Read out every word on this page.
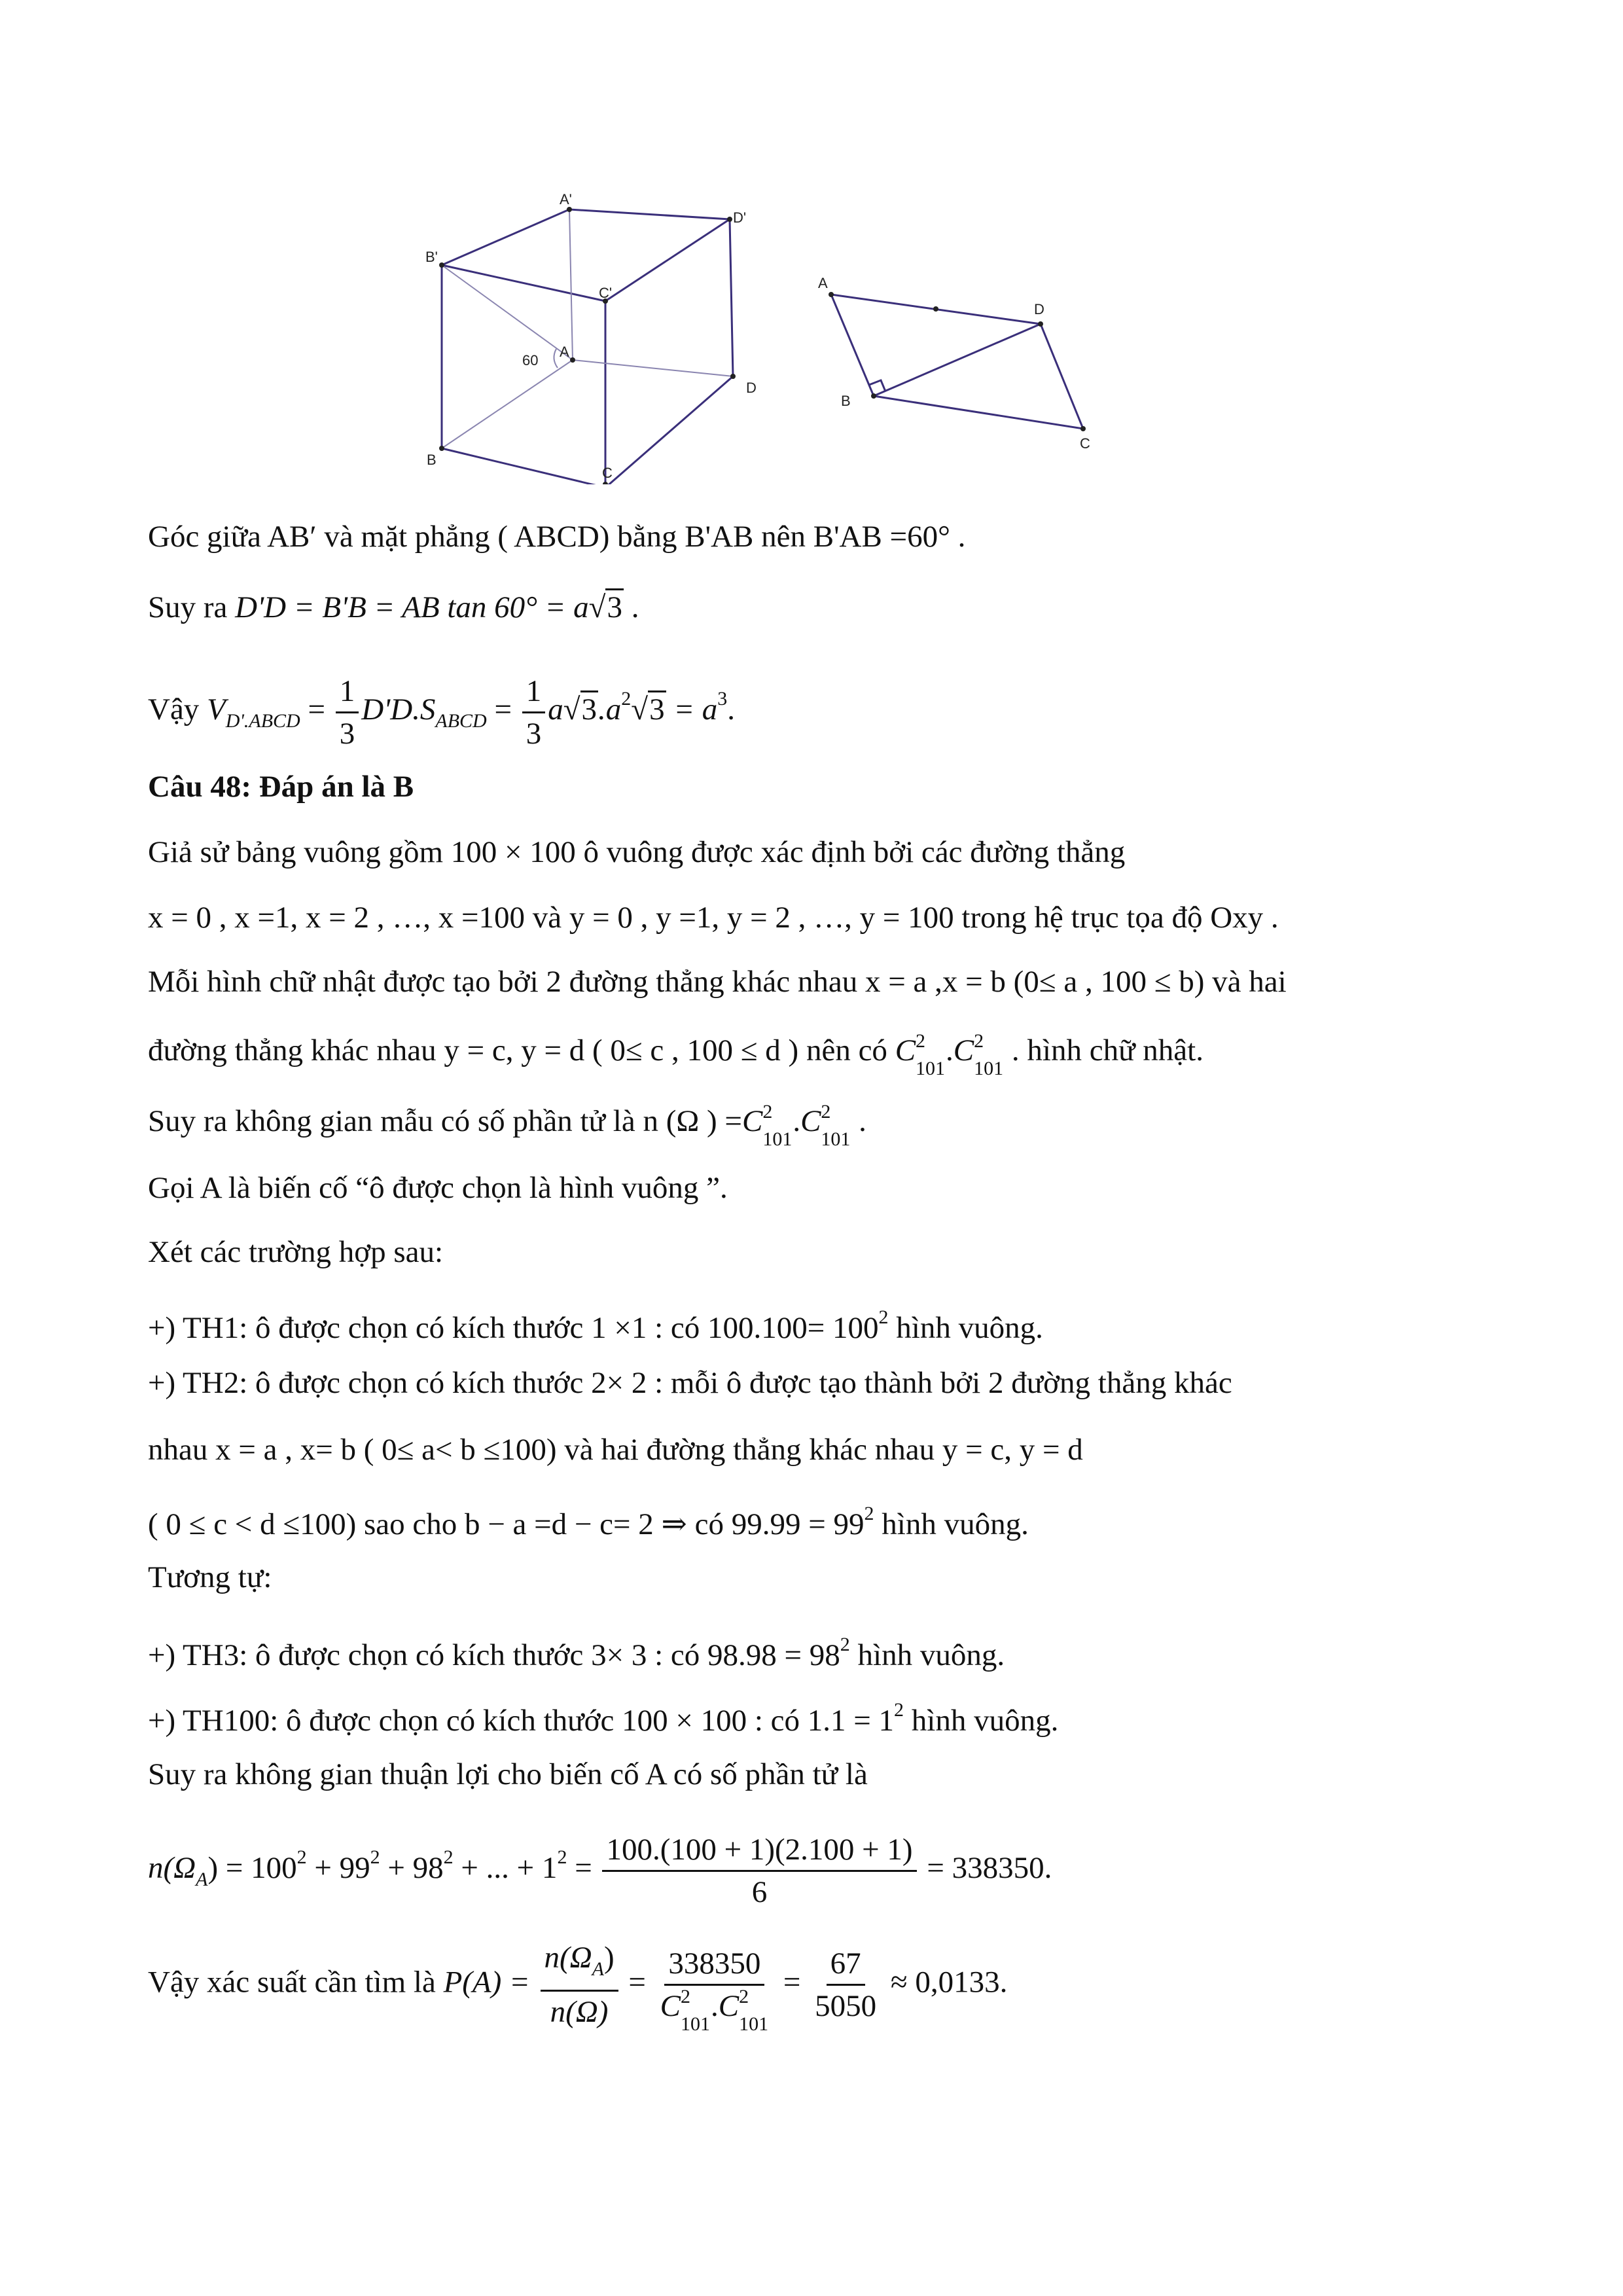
A'
D'
B'
C'
A
60
D
B
C
A
D
B
C
Góc giữa AB′ và mặt phẳng ( ABCD) bằng B'AB nên B'AB =60° .
Suy ra D'D = B'B = AB tan 60° = a√3 .
Vậy $V_{D'.ABCD} = \frac{1}{3} D'D.S_{ABCD} = \frac{1}{3} a√3.a^2√3 = a^3$.
Câu 48: Đáp án là B
Giả sử bảng vuông gồm 100 × 100 ô vuông được xác định bởi các đường thẳng
x = 0 , x =1, x = 2 , …, x =100 và y = 0 , y =1, y = 2 , …, y = 100 trong hệ trục tọa độ Oxy .
Mỗi hình chữ nhật được tạo bởi 2 đường thẳng khác nhau x = a ,x = b (0≤ a , 100 ≤ b) và hai
đường thẳng khác nhau y = c, y = d ( 0≤ c , 100 ≤ d ) nên có C 2
101
.C 2
101
. hình chữ nhật.
Suy ra không gian mẫu có số phần tử là n (Ω ) =C 2
101
.C 2
101
.
Gọi A là biến cố “ô được chọn là hình vuông ”.
Xét các trường hợp sau:
+) TH1: ô được chọn có kích thước 1 ×1 : có $100.100= 100^2$ hình vuông.
+) TH2: ô được chọn có kích thước 2× 2 : mỗi ô được tạo thành bởi 2 đường thẳng khác
nhau x = a , x= b ( 0≤ a< b ≤100) và hai đường thẳng khác nhau y = c, y = d
( 0 ≤ c < d ≤100) sao cho b − a =d − c= 2 ⇒ có $99.99 = 99^2$ hình vuông.
Tương tự:
+) TH3: ô được chọn có kích thước 3× 3 : có $98.98 = 98^2$ hình vuông.
+) TH100: ô được chọn có kích thước 100 × 100 : có $1.1 = 1^2$ hình vuông.
Suy ra không gian thuận lợi cho biến cố A có số phần tử là
$n(\Omega_A) = 100^2 + 99^2 + 98^2$ + ... + $1^2 = \frac{100.(100 + 1)(2.100 + 1)}{6} = 338350$.
Vậy xác suất cần tìm là $P(A) = \frac{n(\Omega_A)}{n(\Omega)} = 338350$
C 2
101
.C 2
$101 = \frac{67}{5050} \approx 0,0133$.
